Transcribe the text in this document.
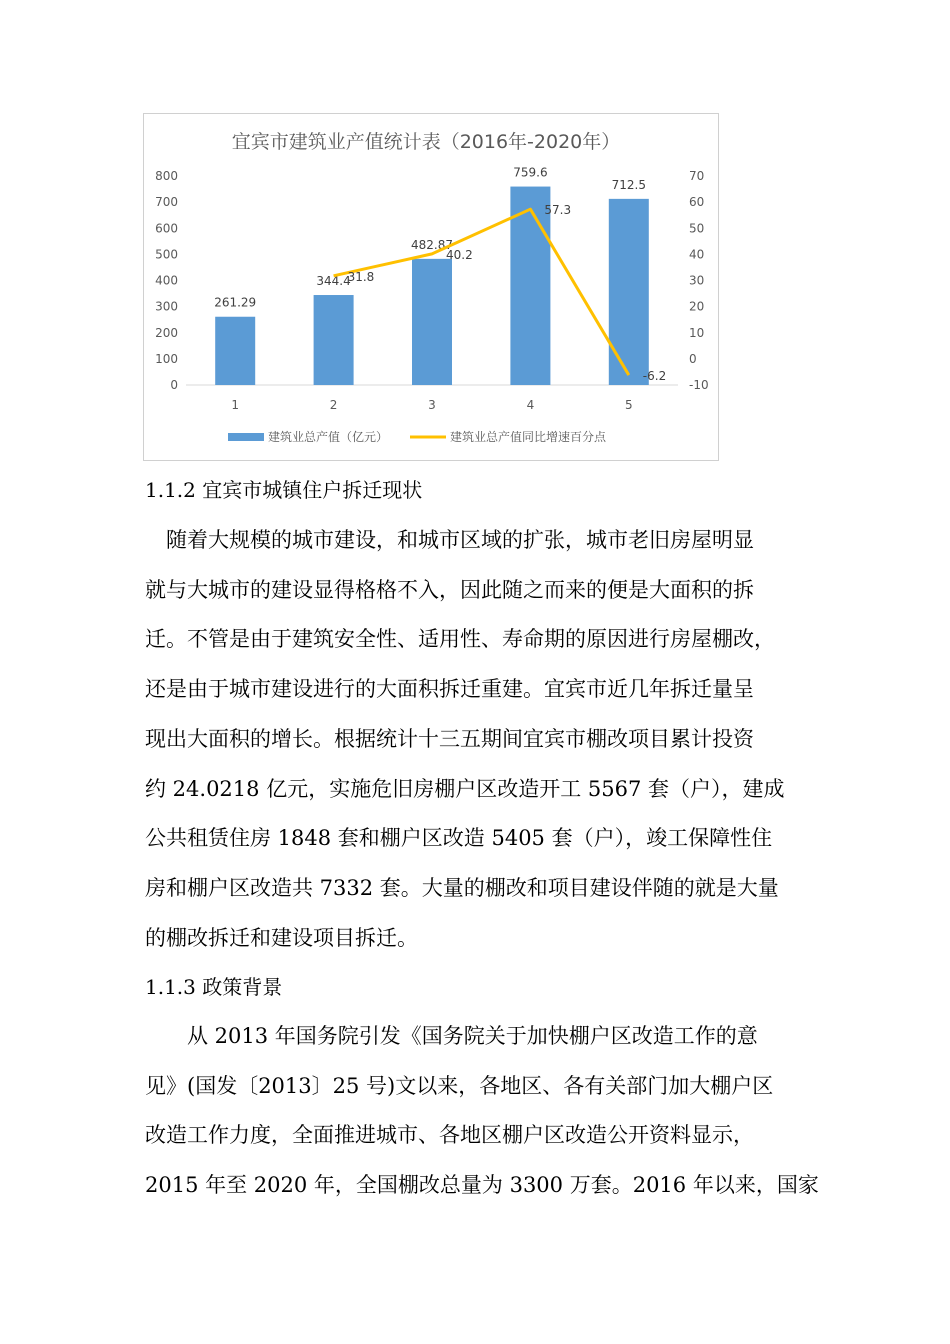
宜宾市建筑业产值统计表（2016年-2020年）
800
700
600
500
400
300
200
100
0
70
60
50
40
30
20
10
0
-10
1	2	3	4	5
261.29
344.4
482.87
759.6
712.5
31.8
40.2
57.3
-6.2
建筑业总产值（亿元）	建筑业总产值同比增速百分点
1.1.2 宜宾市城镇住户拆迁现状
　随着大规模的城市建设，和城市区域的扩张，城市老旧房屋明显
就与大城市的建设显得格格不入，因此随之而来的便是大面积的拆
迁。不管是由于建筑安全性、适用性、寿命期的原因进行房屋棚改，
还是由于城市建设进行的大面积拆迁重建。宜宾市近几年拆迁量呈
现出大面积的增长。根据统计十三五期间宜宾市棚改项目累计投资
约 24.0218 亿元，实施危旧房棚户区改造开工 5567 套（户），建成
公共租赁住房 1848 套和棚户区改造 5405 套（户），竣工保障性住
房和棚户区改造共 7332 套。大量的棚改和项目建设伴随的就是大量
的棚改拆迁和建设项目拆迁。
1.1.3 政策背景
　　从 2013 年国务院引发《国务院关于加快棚户区改造工作的意
见》(国发〔2013〕25 号)文以来，各地区、各有关部门加大棚户区
改造工作力度，全面推进城市、各地区棚户区改造公开资料显示，
2015 年至 2020 年，全国棚改总量为 3300 万套。2016 年以来，国家
